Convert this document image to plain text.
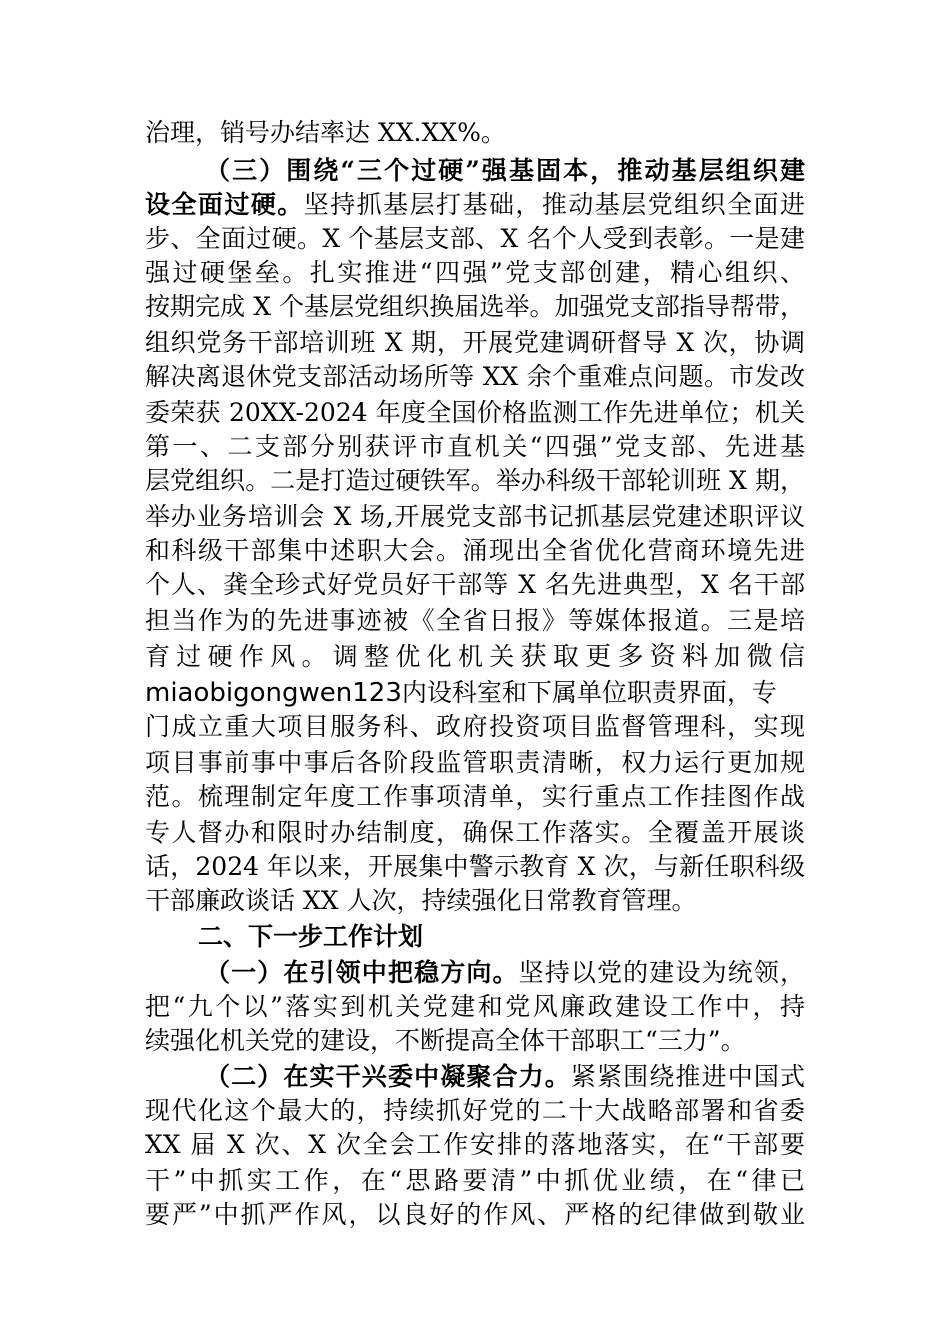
治理，销号办结率达 XX.XX%。
（三）围绕“三个过硬”强基固本，推动基层组织建
设全面过硬。坚持抓基层打基础，推动基层党组织全面进
步、全面过硬。X 个基层支部、X 名个人受到表彰。一是建
强过硬堡垒。扎实推进“四强”党支部创建，精心组织、
按期完成 X 个基层党组织换届选举。加强党支部指导帮带，
组织党务干部培训班 X 期，开展党建调研督导 X 次，协调
解决离退休党支部活动场所等 XX 余个重难点问题。市发改
委荣获 20XX-2024 年度全国价格监测工作先进单位；机关
第一、二支部分别获评市直机关“四强”党支部、先进基
层党组织。二是打造过硬铁军。举办科级干部轮训班 X 期，
举办业务培训会 X 场,开展党支部书记抓基层党建述职评议
和科级干部集中述职大会。涌现出全省优化营商环境先进
个人、龚全珍式好党员好干部等 X 名先进典型，X 名干部
担当作为的先进事迹被《全省日报》等媒体报道。三是培
育过硬作风。调整优化机关获取更多资料加微信
miaobigongwen123内设科室和下属单位职责界面，专
门成立重大项目服务科、政府投资项目监督管理科，实现
项目事前事中事后各阶段监管职责清晰，权力运行更加规
范。梳理制定年度工作事项清单，实行重点工作挂图作战
专人督办和限时办结制度，确保工作落实。全覆盖开展谈
话，2024 年以来，开展集中警示教育 X 次，与新任职科级
干部廉政谈话 XX 人次，持续强化日常教育管理。
二、下一步工作计划
（一）在引领中把稳方向。坚持以党的建设为统领，
把“九个以”落实到机关党建和党风廉政建设工作中，持
续强化机关党的建设，不断提高全体干部职工“三力”。
（二）在实干兴委中凝聚合力。紧紧围绕推进中国式
现代化这个最大的，持续抓好党的二十大战略部署和省委
XX 届 X 次、X 次全会工作安排的落地落实，在“干部要
干”中抓实工作，在“思路要清”中抓优业绩，在“律已
要严”中抓严作风，以良好的作风、严格的纪律做到敬业
